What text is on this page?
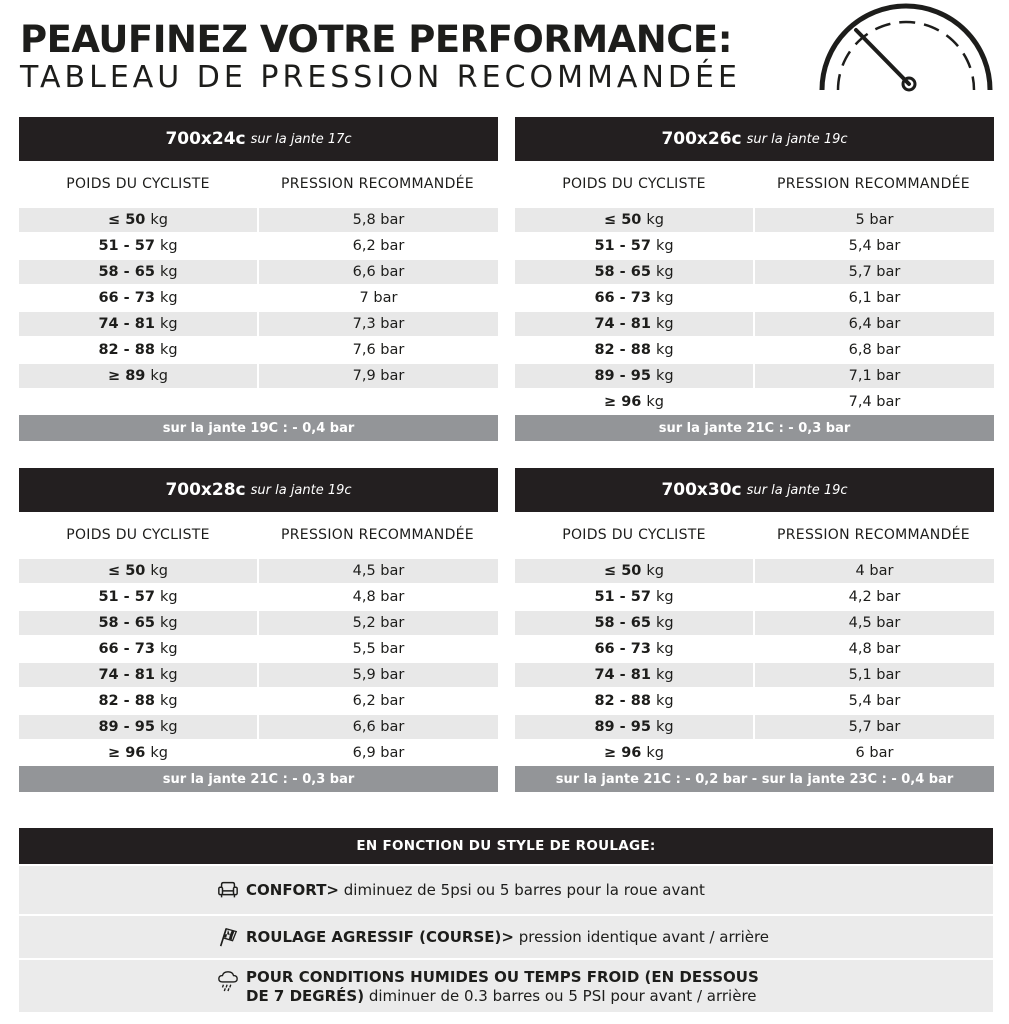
PEAUFINEZ VOTRE PERFORMANCE:
TABLEAU DE PRESSION RECOMMANDÉE
700x24c sur la jante 17c
POIDS DU CYCLISTE	PRESSION RECOMMANDÉE
≤ 50 kg	5,8 bar
51 - 57 kg	6,2 bar
58 - 65 kg	6,6 bar
66 - 73 kg	7 bar
74 - 81 kg	7,3 bar
82 - 88 kg	7,6 bar
≥ 89 kg	7,9 bar
sur la jante 19C : - 0,4 bar
700x26c sur la jante 19c
POIDS DU CYCLISTE	PRESSION RECOMMANDÉE
≤ 50 kg	5 bar
51 - 57 kg	5,4 bar
58 - 65 kg	5,7 bar
66 - 73 kg	6,1 bar
74 - 81 kg	6,4 bar
82 - 88 kg	6,8 bar
89 - 95 kg	7,1 bar
≥ 96 kg	7,4 bar
sur la jante 21C : - 0,3 bar
700x28c sur la jante 19c
POIDS DU CYCLISTE	PRESSION RECOMMANDÉE
≤ 50 kg	4,5 bar
51 - 57 kg	4,8 bar
58 - 65 kg	5,2 bar
66 - 73 kg	5,5 bar
74 - 81 kg	5,9 bar
82 - 88 kg	6,2 bar
89 - 95 kg	6,6 bar
≥ 96 kg	6,9 bar
sur la jante 21C : - 0,3 bar
700x30c sur la jante 19c
POIDS DU CYCLISTE	PRESSION RECOMMANDÉE
≤ 50 kg	4 bar
51 - 57 kg	4,2 bar
58 - 65 kg	4,5 bar
66 - 73 kg	4,8 bar
74 - 81 kg	5,1 bar
82 - 88 kg	5,4 bar
89 - 95 kg	5,7 bar
≥ 96 kg	6 bar
sur la jante 21C : - 0,2 bar - sur la jante 23C : - 0,4 bar
EN FONCTION DU STYLE DE ROULAGE:
CONFORT> diminuez de 5psi ou 5 barres pour la roue avant
ROULAGE AGRESSIF (COURSE)> pression identique avant / arrière
POUR CONDITIONS HUMIDES OU TEMPS FROID (EN DESSOUS
DE 7 DEGRÉS) diminuer de 0.3 barres ou 5 PSI pour avant / arrière
